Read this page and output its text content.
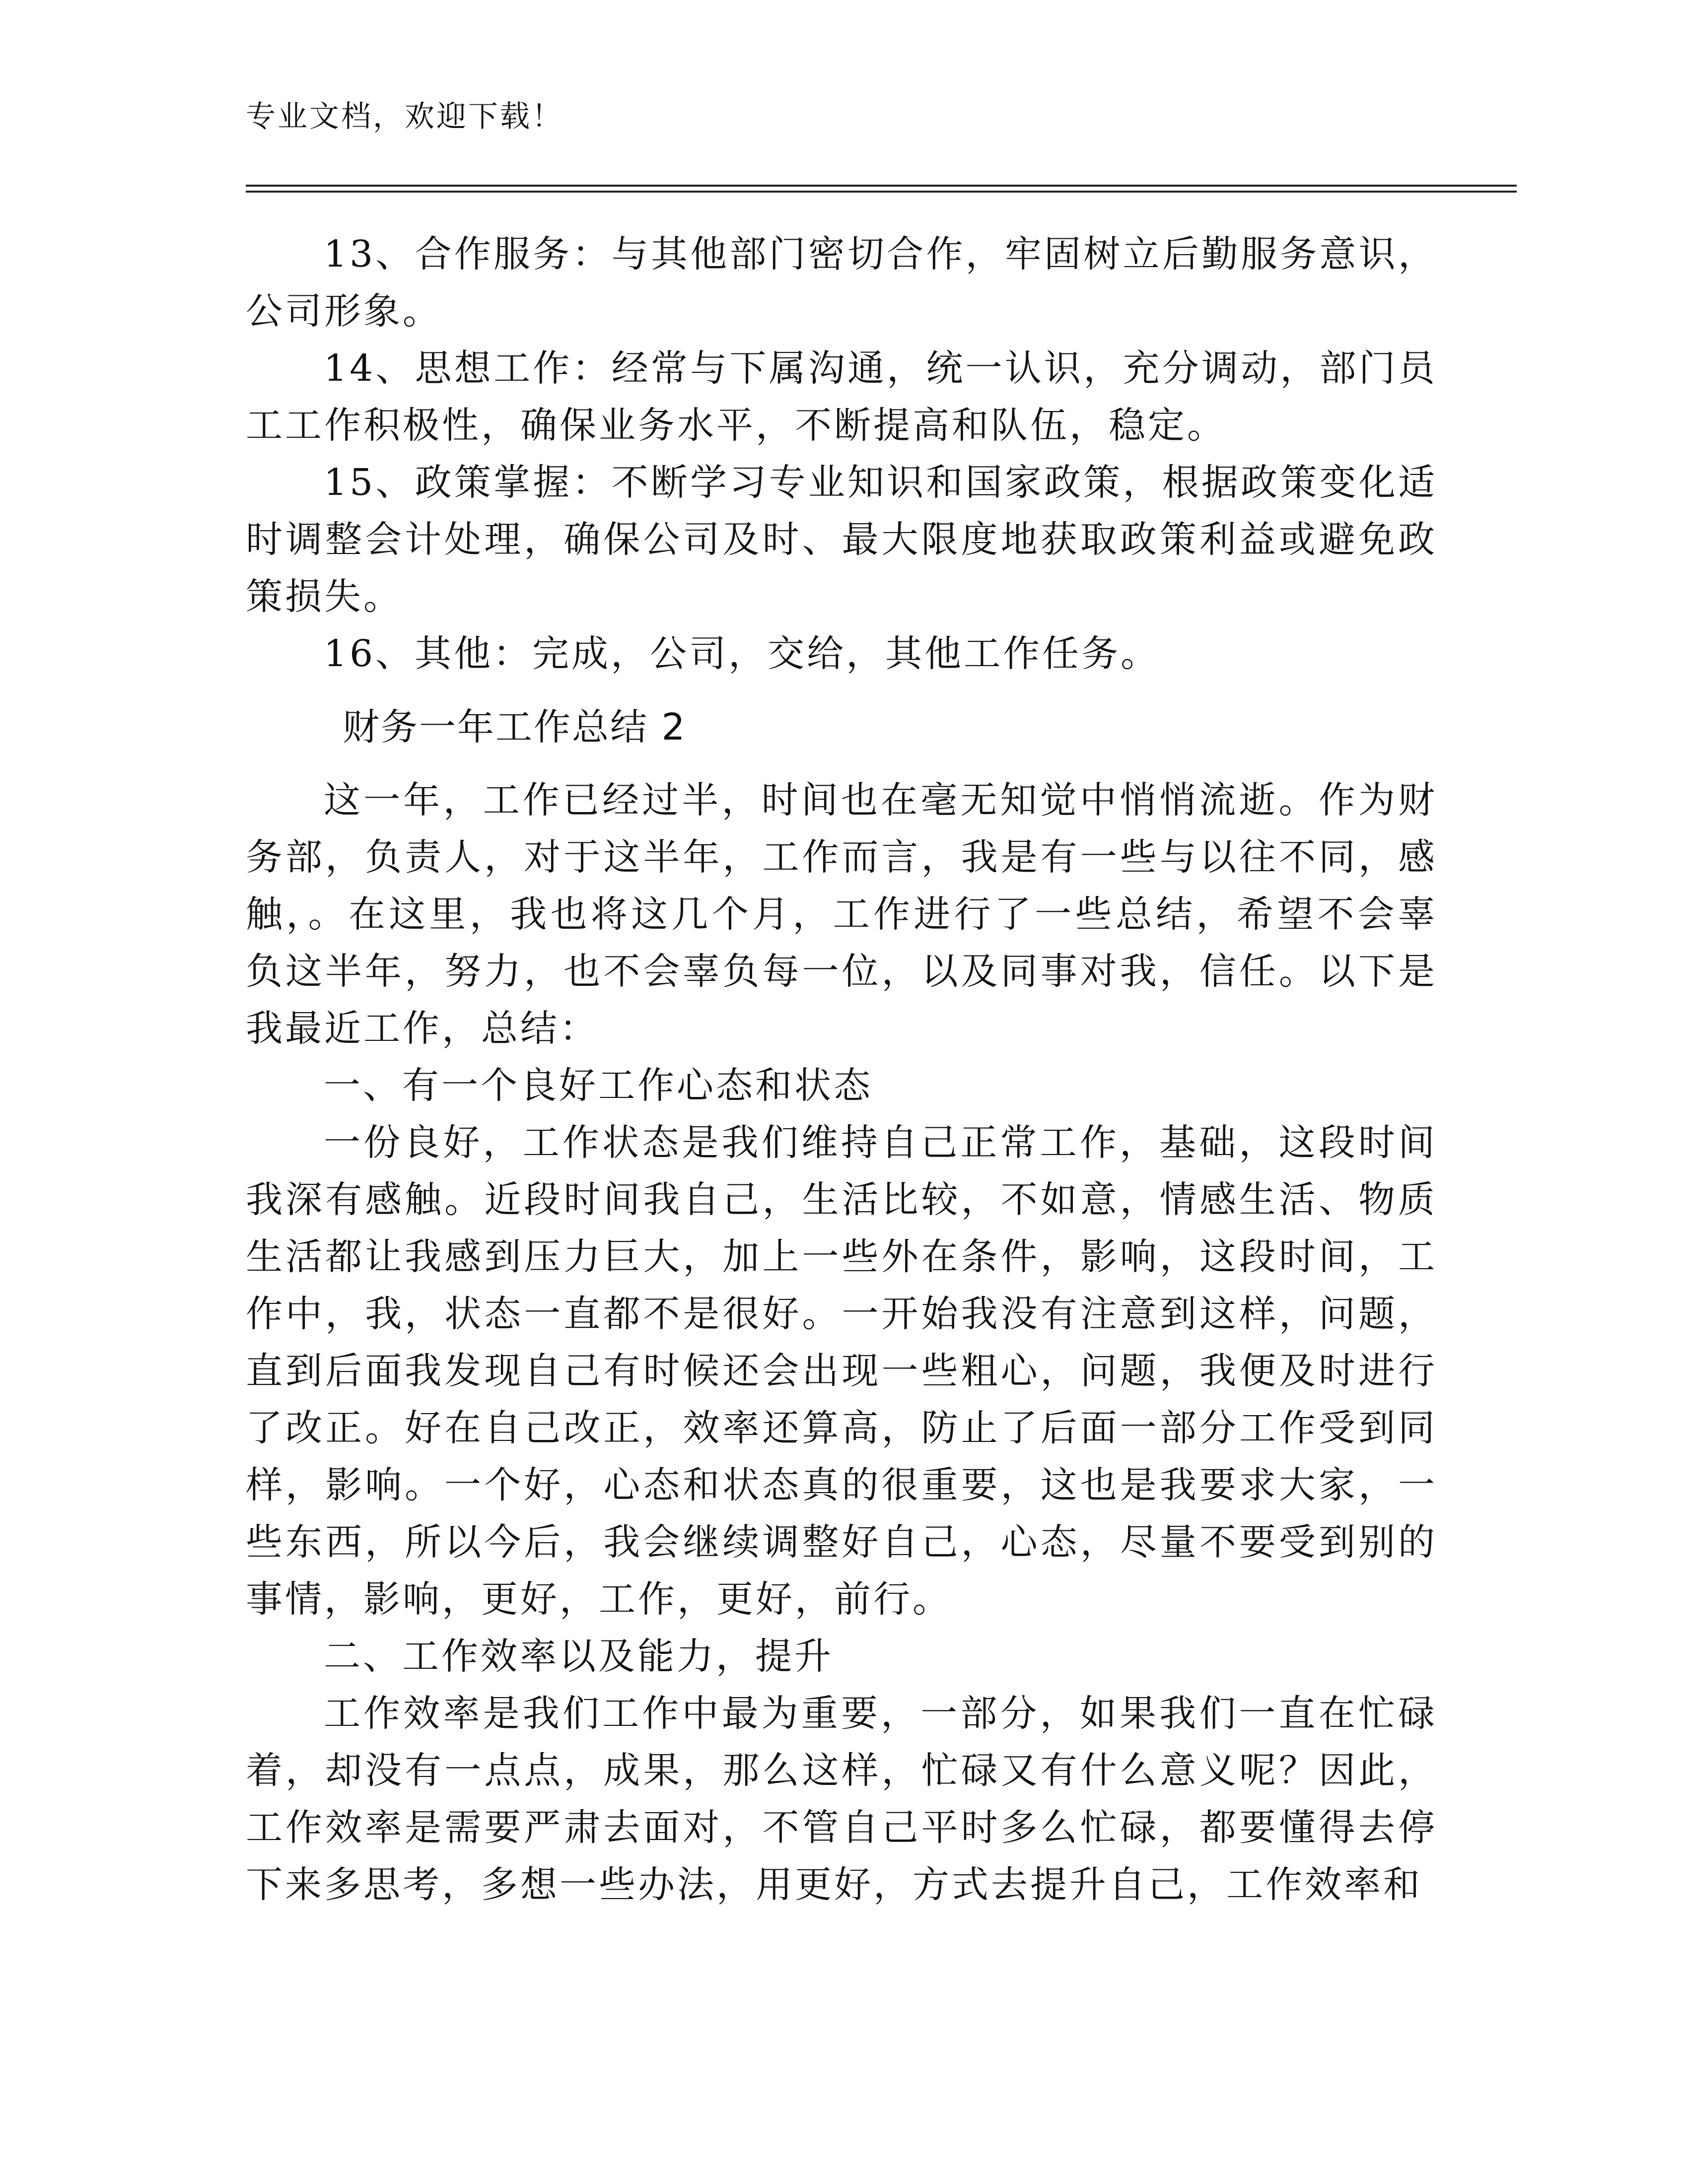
专业文档，欢迎下载！

13、合作服务：与其他部门密切合作，牢固树立后勤服务意识，公司形象。

14、思想工作：经常与下属沟通，统一认识，充分调动，部门员工工作积极性，确保业务水平，不断提高和队伍，稳定。

15、政策掌握：不断学习专业知识和国家政策，根据政策变化适时调整会计处理，确保公司及时、最大限度地获取政策利益或避免政策损失。

16、其他：完成，公司，交给，其他工作任务。

财务一年工作总结 2

这一年，工作已经过半，时间也在毫无知觉中悄悄流逝。作为财务部，负责人，对于这半年，工作而言，我是有一些与以往不同，感触，。在这里，我也将这几个月，工作进行了一些总结，希望不会辜负这半年，努力，也不会辜负每一位，以及同事对我，信任。以下是我最近工作，总结：

一、有一个良好工作心态和状态

一份良好，工作状态是我们维持自己正常工作，基础，这段时间我深有感触。近段时间我自己，生活比较，不如意，情感生活、物质生活都让我感到压力巨大，加上一些外在条件，影响，这段时间，工作中，我，状态一直都不是很好。一开始我没有注意到这样，问题，直到后面我发现自己有时候还会出现一些粗心，问题，我便及时进行了改正。好在自己改正，效率还算高，防止了后面一部分工作受到同样，影响。一个好，心态和状态真的很重要，这也是我要求大家，一些东西，所以今后，我会继续调整好自己，心态，尽量不要受到别的事情，影响，更好，工作，更好，前行。

二、工作效率以及能力，提升

工作效率是我们工作中最为重要，一部分，如果我们一直在忙碌着，却没有一点点，成果，那么这样，忙碌又有什么意义呢？因此，工作效率是需要严肃去面对，不管自己平时多么忙碌，都要懂得去停下来多思考，多想一些办法，用更好，方式去提升自己，工作效率和
